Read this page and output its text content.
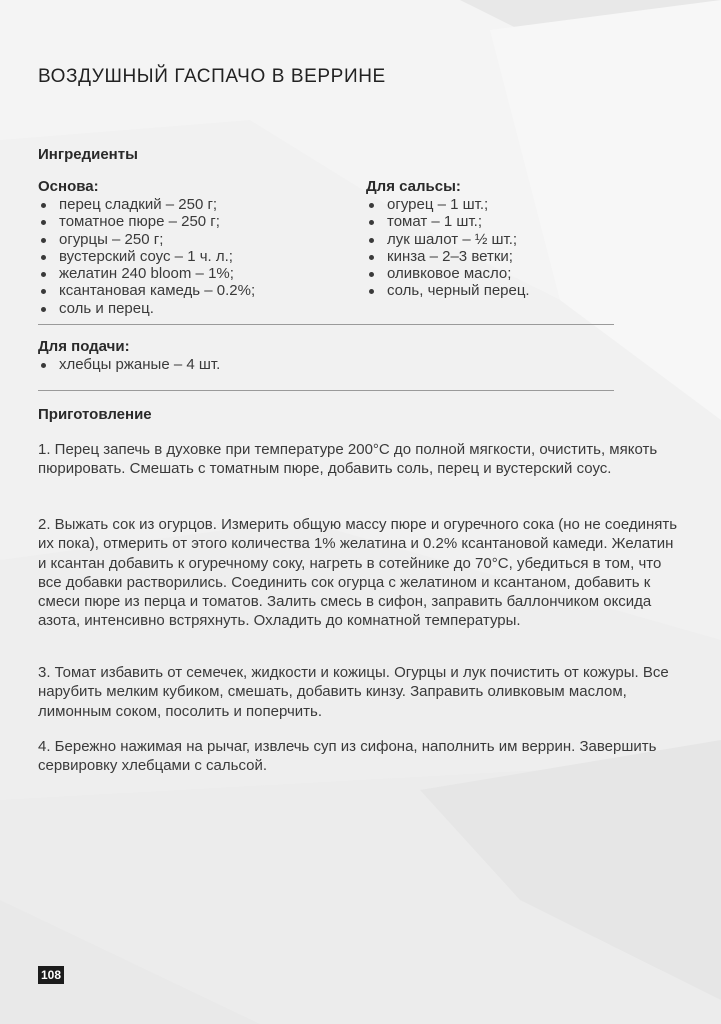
ВОЗДУШНЫЙ ГАСПАЧО В ВЕРРИНЕ
Ингредиенты
Основа:
перец сладкий – 250 г;
томатное пюре – 250 г;
огурцы – 250 г;
вустерский соус – 1 ч. л.;
желатин 240 bloom – 1%;
ксантановая камедь – 0.2%;
соль и перец.
Для сальсы:
огурец – 1 шт.;
томат – 1 шт.;
лук шалот – ½ шт.;
кинза – 2–3 ветки;
оливковое масло;
соль, черный перец.
Для подачи:
хлебцы ржаные – 4 шт.
Приготовление

1. Перец запечь в духовке при температуре 200°С до полной мягкости, очистить, мякоть пюрировать. Смешать с томатным пюре, добавить соль, перец и вустерский соус.

2. Выжать сок из огурцов. Измерить общую массу пюре и огуречного сока (но не соединять их пока), отмерить от этого количества 1% желатина и 0.2% ксантановой камеди. Желатин и ксантан добавить к огуречному соку, нагреть в сотейнике до 70°С, убедиться в том, что все добавки растворились. Соединить сок огурца с желатином и ксантаном, добавить к смеси пюре из перца и томатов. Залить смесь в сифон, заправить баллончиком оксида азота, интенсивно встряхнуть. Охладить до комнатной температуры.

3. Томат избавить от семечек, жидкости и кожицы. Огурцы и лук почистить от кожуры. Все нарубить мелким кубиком, смешать, добавить кинзу. Заправить оливковым маслом, лимонным соком, посолить и поперчить.

4. Бережно нажимая на рычаг, извлечь суп из сифона, наполнить им веррин. Завершить сервировку хлебцами с сальсой.

108
